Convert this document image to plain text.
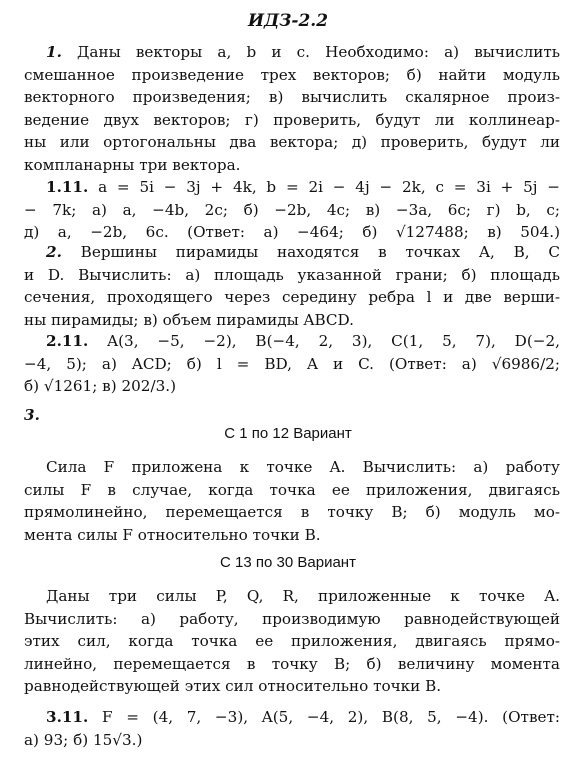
ИДЗ-2.2
1. Даны векторы a, b и c. Необходимо: а) вычислить
смешанное произведение трех векторов; б) найти модуль
векторного произведения; в) вычислить скалярное произ-
ведение двух векторов; г) проверить, будут ли коллинеар-
ны или ортогональны два вектора; д) проверить, будут ли
компланарны три вектора.
1.11. a = 5i − 3j + 4k, b = 2i − 4j − 2k, c = 3i + 5j −
− 7k; а) a, −4b, 2c; б) −2b, 4c; в) −3a, 6c; г) b, c;
д) a, −2b, 6c. (Ответ: а) −464; б) √127488; в) 504.)
2. Вершины пирамиды находятся в точках A, B, C
и D. Вычислить: а) площадь указанной грани; б) площадь
сечения, проходящего через середину ребра l и две верши-
ны пирамиды; в) объем пирамиды ABCD.
2.11. A(3, −5, −2), B(−4, 2, 3), C(1, 5, 7), D(−2,
−4, 5); а) ACD; б) l = BD, A и C. (Ответ: а) √6986/2;
б) √1261; в) 202/3.)
3.
С 1 по 12 Вариант
Сила F приложена к точке A. Вычислить: а) работу
силы F в случае, когда точка ее приложения, двигаясь
прямолинейно, перемещается в точку B; б) модуль мо-
мента силы F относительно точки B.
С 13 по 30 Вариант
Даны три силы P, Q, R, приложенные к точке A.
Вычислить: а) работу, производимую равнодействующей
этих сил, когда точка ее приложения, двигаясь прямо-
линейно, перемещается в точку B; б) величину момента
равнодействующей этих сил относительно точки B.
3.11. F = (4, 7, −3), A(5, −4, 2), B(8, 5, −4). (Ответ:
а) 93; б) 15√3.)
